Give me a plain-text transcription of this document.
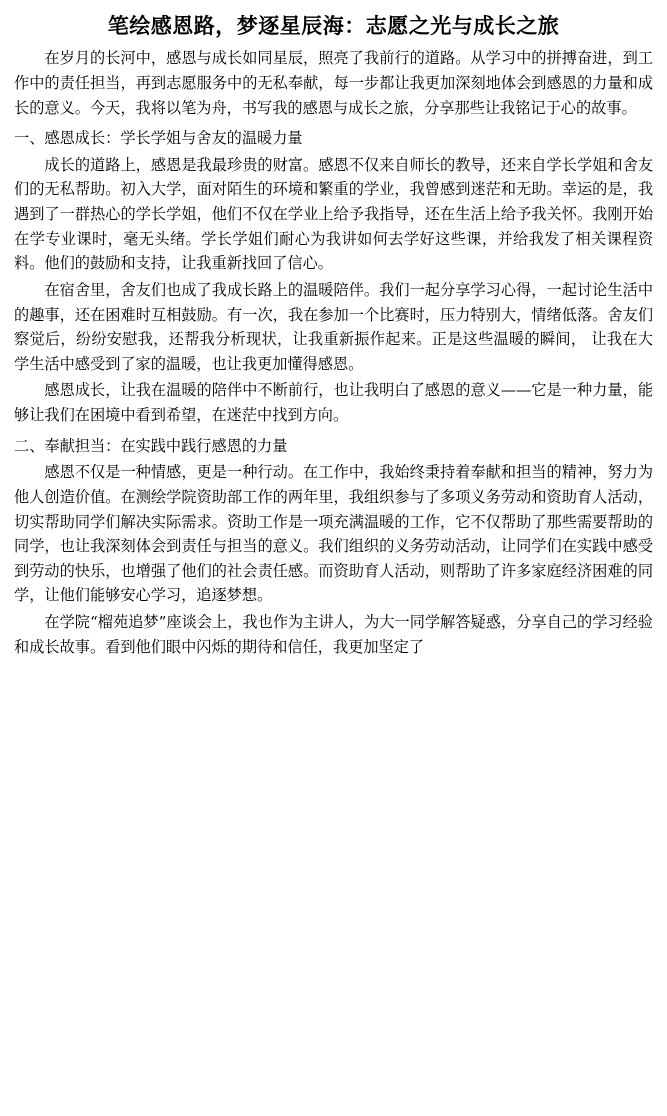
笔绘感恩路，梦逐星辰海：志愿之光与成长之旅

在岁月的长河中，感恩与成长如同星辰，照亮了我前行的道路。从学习中的拼搏奋进，到工作中的责任担当，再到志愿服务中的无私奉献，每一步都让我更加深刻地体会到感恩的力量和成长的意义。今天，我将以笔为舟，书写我的感恩与成长之旅，分享那些让我铭记于心的故事。

一、感恩成长：学长学姐与舍友的温暖力量

成长的道路上，感恩是我最珍贵的财富。感恩不仅来自师长的教导，还来自学长学姐和舍友们的无私帮助。初入大学，面对陌生的环境和繁重的学业，我曾感到迷茫和无助。幸运的是，我遇到了一群热心的学长学姐，他们不仅在学业上给予我指导，还在生活上给予我关怀。我刚开始在学专业课时，毫无头绪。学长学姐们耐心为我讲如何去学好这些课，并给我发了相关课程资料。他们的鼓励和支持，让我重新找回了信心。

在宿舍里，舍友们也成了我成长路上的温暖陪伴。我们一起分享学习心得，一起讨论生活中的趣事，还在困难时互相鼓励。有一次，我在参加一个比赛时，压力特别大，情绪低落。舍友们察觉后，纷纷安慰我，还帮我分析现状，让我重新振作起来。正是这些温暖的瞬间， 让我在大学生活中感受到了家的温暖，也让我更加懂得感恩。

感恩成长，让我在温暖的陪伴中不断前行，也让我明白了感恩的意义——它是一种力量，能够让我们在困境中看到希望，在迷茫中找到方向。

二、奉献担当：在实践中践行感恩的力量

感恩不仅是一种情感，更是一种行动。在工作中，我始终秉持着奉献和担当的精神，努力为他人创造价值。在测绘学院资助部工作的两年里，我组织参与了多项义务劳动和资助育人活动，切实帮助同学们解决实际需求。资助工作是一项充满温暖的工作，它不仅帮助了那些需要帮助的同学，也让我深刻体会到责任与担当的意义。我们组织的义务劳动活动，让同学们在实践中感受到劳动的快乐，也增强了他们的社会责任感。而资助育人活动，则帮助了许多家庭经济困难的同学，让他们能够安心学习，追逐梦想。

在学院“榴苑追梦”座谈会上，我也作为主讲人，为大一同学解答疑惑，分享自己的学习经验和成长故事。看到他们眼中闪烁的期待和信任，我更加坚定了
